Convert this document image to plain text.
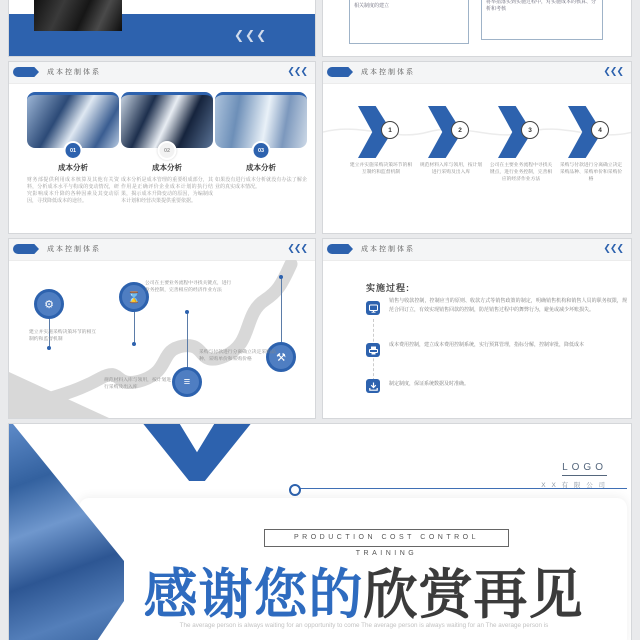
❮❮❮
相关制度的建立
将举措落实到实施过程中，对实施成本的核算、分析和考核
成本控制体系	❮❮❮
01
成本分析
财务部提供利用成本核算及其他有关资料，分析成本水平与构成的变动情况，研究影响成本升降的各种因素及其变动原因，寻找降低成本的途径。
02
成本分析
成本分析是成本管理的重要组成部分，其作用是正确评价企业成本计划的执行结果，揭示成本升降变动的原因，为编制成本计划和经营决策提供重要依据。
03
成本分析
如果没有进行成本分析就没有办法了解企业的真实成本情况。
成本控制体系	❮❮❮
1	2	3	4
建立并实施采购决策环节的相互制约和监督机制
规范材料入库与领用，按计划进行采购及出入库
公司在主要业务流程中寻找关键点，进行业务控制，完善相应的经济作业方法
采购与付款进行分离确立决定采购品种、采购单价和采购价格
成本控制体系	❮❮❮
⚙
⌛
≡
⚒
建立并实施采购决策环节的相互制约和监督机制
公司在主要业务流程中寻找关键点，进行业务控制，完善相应的经济作业方法
规范材料入库与领用，按计划进行采购及出入库
采购与付款进行分离确立决定采购品种、采购单价和采购价格
成本控制体系	❮❮❮
实施过程:
销售与收款控制，控制应当的原则、收款方式等销售政策的制定，明确销售机构和销售人员的职务权限，规范合同订立，有效实现销售回款的控制，防范销售过程中的舞弊行为，避免或减少坏账损失。
成本费用控制，建立成本费用控制系统，实行预算管理，指标分解，控制审批，降低成本
制定制度，保证系统数据及时准确。
LOGO
X X 有 限 公 司
PRODUCTION COST CONTROL TRAINING
感谢您的欣赏再见
The average person is always waiting for an opportunity to come The average person is always waiting for an The average person is
